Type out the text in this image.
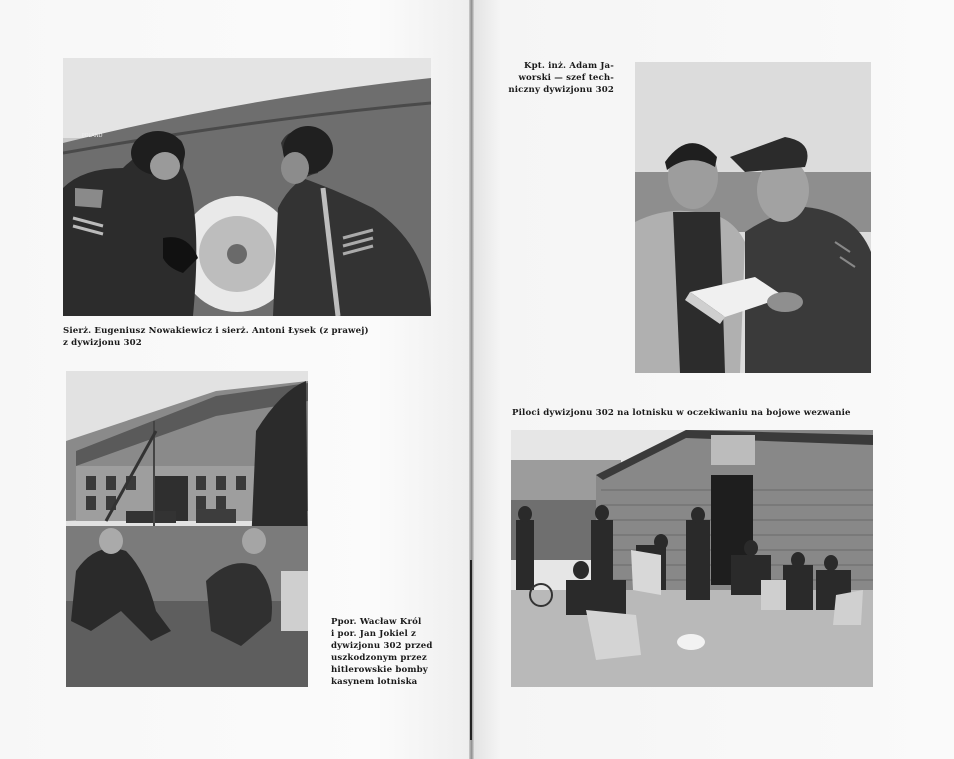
POLAND
Sierż. Eugeniusz Nowakiewicz i sierż. Antoni Łysek (z prawej)
z dywizjonu 302
Ppor. Wacław Król
i por. Jan Jokiel z
dywizjonu 302 przed
uszkodzonym przez
hitlerowskie bomby
kasynem lotniska
Kpt. inż. Adam Ja-
worski — szef tech-
niczny dywizjonu 302
Piloci dywizjonu 302 na lotnisku w oczekiwaniu na bojowe wezwanie
